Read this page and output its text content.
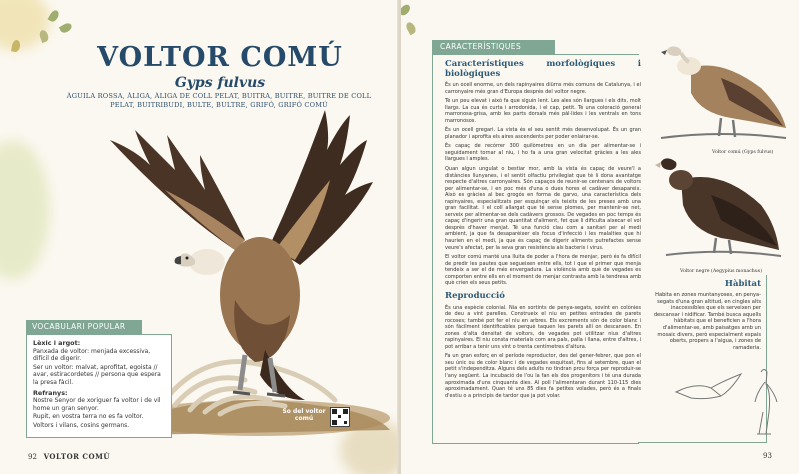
VOLTOR COMÚ
Gyps fulvus
ÀGUILA ROSSA, ÀLIGA, ÀLIGA DE COLL PELAT, BUITRA, BUITRE, BUITRE DE COLL PELAT, BUITRIBUDI, BULTE, BULTRE, GRIFÓ, GRIFÓ COMÚ
VOCABULARI POPULAR
Lèxic i argot:

Panxada de voltor: menjada excessiva, difícil de digerir.

Ser un voltor: malvat, aprofitat, egoista // avar, estiracordetes // persona que espera la presa fàcil.

Refranys:

Nostre Senyor de xoriguer fa voltor i de vil home un gran senyor.

Rupit, en vostra terra no es fa voltor.

Voltors i vilans, cosins germans.

So del voltor comú
92 VOLTOR COMÚ
CARACTERÍSTIQUES
Característiques morfològiques i biològiques

És un ocell enorme, un dels rapinyaires diürns més comuns de Catalunya, i el carronyaire més gran d'Europa després del voltor negre.

Té un peu elevat i això fa que siguin lent. Les ales són llargues i els dits, molt llargs. La cua és curta i arrodonida, i el cap, petit. Té una coloració general marronosa-grisa, amb les parts dorsals més pàl·lides i les ventrals en tons marronosos.

És un ocell gregari. La vista és el seu sentit més desenvolupat. És un gran planador i aprofita els aires ascendents per poder enlairar-se.

És capaç de recórrer 300 quilòmetres en un dia per alimentar-se i seguidament tornar al niu, i ho fa a una gran velocitat gràcies a les ales llargues i amples.

Quan algun ungulat o bestiar mor, amb la vista és capaç de veure'l a distàncies llunyanes, i el sentit olfactiu privilegiat que té li dona avantatge respecte d'altres carronyaires. Són capaços de reunir-se centenars de voltors per alimentar-se, i en poc més d'una o dues hores el cadàver desapareix. Això es gràcies al bec grogós en forma de garvo, una característica dels rapinyaires, especialitzats per esquinçar els teixits de les preses amb una gran facilitat. I el coll allargat que té sense plomes, per mantenir-se net, serveix per alimentar-se dels cadàvers grossos. De vegades en poc temps és capaç d'ingerir una gran quantitat d'aliment, fet que li dificulta aixecar el vol després d'haver menjat. Té una funció clau com a sanitari per al medi ambient, ja que fa desaparèixer els focus d'infecció i les malalties que hi haurien en el medi, ja que és capaç de digerir aliments putrefactes sense veure's afectat, per la seva gran resistència als bacteris i virus.

El voltor comú manté una lluita de poder a l'hora de menjar, però és fa difícil de predir les pautes que segueixen entre ells, tot i que el primer que menja tendeix a ser el de més envergadura. La violència amb què de vegades es comporten entre ells en el moment de menjar contrasta amb la tendresa amb què crien els seus petits.

Reproducció

És una espècie colonial. Nia en sortints de penya-segats, sovint en colònies de deu a vint parelles. Construeix el niu en petites entrades de parets rocoses; també pot fer el niu en arbres. Els excrements són de color blanc i són fàcilment identificables perquè taquen les parets allí on descansen. En zones d'alta densitat de voltors, de vegades pot utilitzar nius d'altres rapinyaires. El niu consta materials com ara pals, palla i llana, entre d'altres, i pot arribar a tenir uns vint o trenta centímetres d'altura.

Fa un gran esforç en el període reproductor, des del gener-febrer, que pon el seu únic ou de color blanc i de vegades esquitxat, fins al setembre, quan el petit s'independitza. Alguns dels adults no tindran prou força per reproduir-se l'any següent. La incubació de l'ou la fan els dos progenitors i té una durada aproximada d'uns cinquanta dies. Al poll l'alimentaran durant 110-115 dies aproximadament. Quan té uns 85 dies fa petites volades, però és a finals d'estiu o a principis de tardor que ja pot volar.

Voltor comú (Gyps fulvus)
Voltor negre (Aegypius monachus)
Hàbitat
Habita en zones muntanyoses, en penya-segats d'una gran altitud, en cingles alts inaccessibles que els serveixen per descansar i nidificar. També busca aquells hàbitats que el beneficien a l'hora d'alimentar-se, amb paisatges amb un mosaic divers, però especialment espais oberts, propers a l'aigua, i zones de ramaderia.
93
